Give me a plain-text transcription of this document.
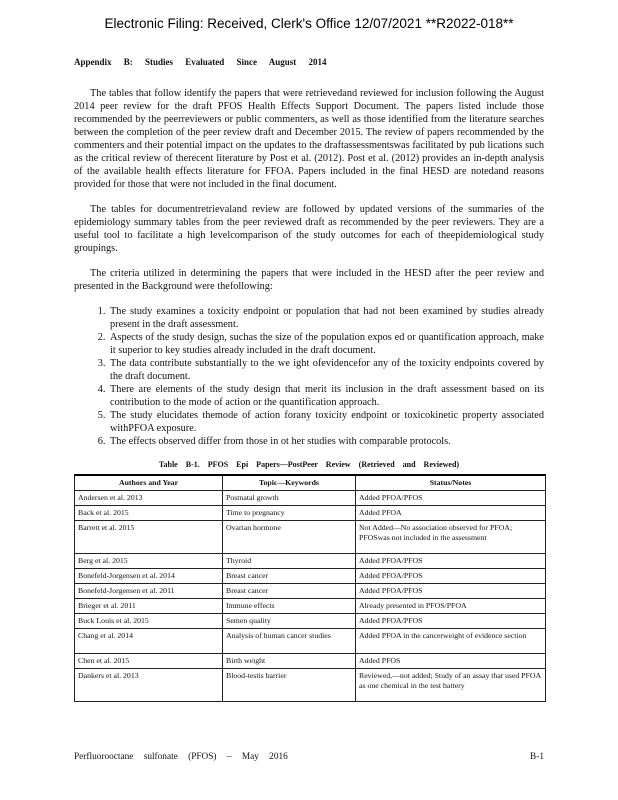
Electronic Filing: Received, Clerk's Office 12/07/2021 **R2022-018**
Appendix B: Studies Evaluated Since August 2014

The tables that follow identify the papers that were retrievedand reviewed for inclusion following the August 2014 peer review for the draft PFOS Health Effects Support Document. The papers listed include those recommended by the peerreviewers or public commenters, as well as those identified from the literature searches between the completion of the peer review draft and December 2015. The review of papers recommended by the commenters and their potential impact on the updates to the draftassessmentswas facilitated by pub lications such as the critical review of therecent literature by Post et al. (2012). Post et al. (2012) provides an in-depth analysis of the available health effects literature for FFOA. Papers included in the final HESD are notedand reasons provided for those that were not included in the final document.

The tables for documentretrievaland review are followed by updated versions of the summaries of the epidemiology summary tables from the peer reviewed draft as recommended by the peer reviewers. They are a useful tool to facilitate a high levelcomparison of the study outcomes for each of theepidemiological study groupings.

The criteria utilized in determining the papers that were included in the HESD after the peer review and presented in the Background were thefollowing:

1. The study examines a toxicity endpoint or population that had not been examined by studies already present in the draft assessment.
2. Aspects of the study design, suchas the size of the population expos ed or quantification approach, make it superior to key studies already included in the draft document.
3. The data contribute substantially to the we ight ofevidencefor any of the toxicity endpoints covered by the draft document.
4. There are elements of the study design that merit its inclusion in the draft assessment based on its contribution to the mode of action or the quantification approach.
5. The study elucidates themode of action forany toxicity endpoint or toxicokinetic property associated withPFOA exposure.
6. The effects observed differ from those in ot her studies with comparable protocols.
Table B-1. PFOS Epi Papers—PostPeer Review (Retrieved and Reviewed)
Authors and Year	Topic—Keywords	Status/Notes
Andersen et al. 2013	Postnatal growth	Added PFOA/PFOS
Back et al. 2015	Time to pregnancy	Added PFOA
Barrett et al. 2015	Ovarian hormone	Not Added—No association observed for PFOA; PFOSwas not included in the assessment
Berg et al. 2015	Thyroid	Added PFOA/PFOS
Bonefeld-Jorgensen et al. 2014	Breast cancer	Added PFOA/PFOS
Bonefeld-Jorgensen et al. 2011	Breast cancer	Added PFOA/PFOS
Brieger et al. 2011	Immune effects	Already presented in PFOS/PFOA
Buck Louis et al. 2015	Semen quality	Added PFOA/PFOS
Chang et al. 2014	Analysis of human cancer studies	Added PFOA in the cancerweight of evidence section
Chen et al. 2015	Birth weight	Added PFOS
Dankers et al. 2013	Blood-testis barrier	Reviewed,—not added; Study of an assay that used PFOA as one chemical in the test battery
Perfluorooctane sulfonate (PFOS) – May 2016	B-1
